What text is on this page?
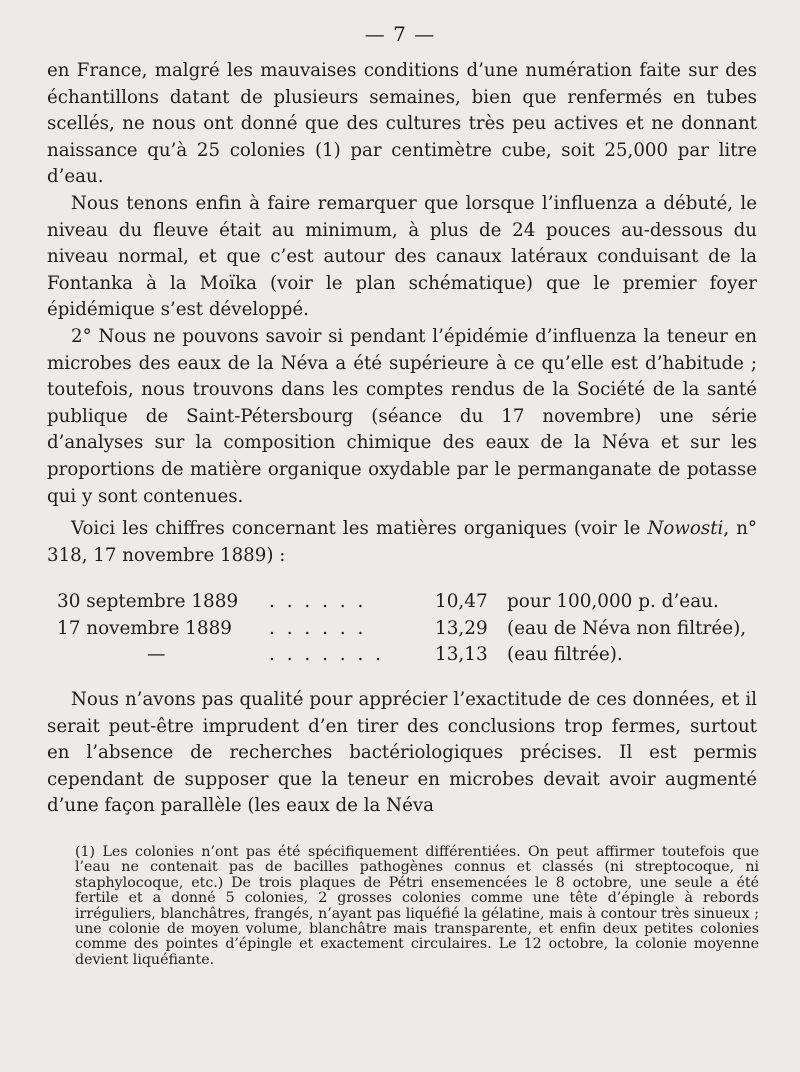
— 7 —

en France, malgré les mauvaises conditions d’une numération faite sur des échantillons datant de plusieurs semaines, bien que renfermés en tubes scellés, ne nous ont donné que des cultures très peu actives et ne donnant naissance qu’à 25 colonies (1) par centimètre cube, soit 25,000 par litre d’eau.

Nous tenons enfin à faire remarquer que lorsque l’influenza a débuté, le niveau du fleuve était au minimum, à plus de 24 pouces au-dessous du niveau normal, et que c’est autour des canaux latéraux conduisant de la Fontanka à la Moïka (voir le plan schématique) que le premier foyer épidémique s’est développé.

2° Nous ne pouvons savoir si pendant l’épidémie d’influenza la teneur en microbes des eaux de la Néva a été supérieure à ce qu’elle est d’habitude ; toutefois, nous trouvons dans les comptes rendus de la Société de la santé publique de Saint-Pétersbourg (séance du 17 novembre) une série d’analyses sur la composition chimique des eaux de la Néva et sur les proportions de matière organique oxydable par le permanganate de potasse qui y sont contenues.

Voici les chiffres concernant les matières organiques (voir le Nowosti, n° 318, 17 novembre 1889) :

30 septembre 1889	. . . . . .	10,47	pour 100,000 p. d’eau.
17 novembre 1889	. . . . . .	13,29	(eau de Néva non filtrée),
—	. . . . . . .	13,13	(eau filtrée).

Nous n’avons pas qualité pour apprécier l’exactitude de ces données, et il serait peut-être imprudent d’en tirer des conclusions trop fermes, surtout en l’absence de recherches bactériologiques précises. Il est permis cependant de supposer que la teneur en microbes devait avoir augmenté d’une façon parallèle (les eaux de la Néva

(1) Les colonies n’ont pas été spécifiquement différentiées. On peut affirmer toutefois que l’eau ne contenait pas de bacilles pathogènes connus et classés (ni streptocoque, ni staphylocoque, etc.) De trois plaques de Pétri ensemencées le 8 octobre, une seule a été fertile et a donné 5 colonies, 2 grosses colonies comme une tête d’épingle à rebords irréguliers, blanchâtres, frangés, n’ayant pas liquéfié la gélatine, mais à contour très sinueux ; une colonie de moyen volume, blanchâtre mais transparente, et enfin deux petites colonies comme des pointes d’épingle et exactement circulaires. Le 12 octobre, la colonie moyenne devient liquéfiante.
